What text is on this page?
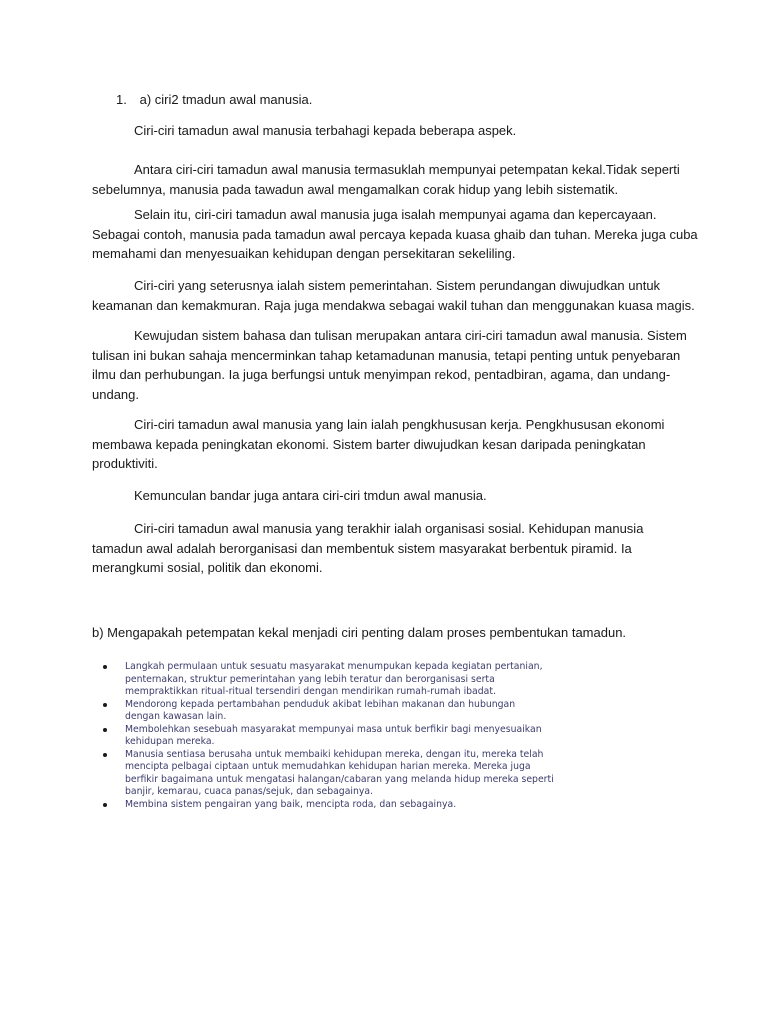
1. a) ciri2 tmadun awal manusia.

Ciri-ciri tamadun awal manusia terbahagi kepada beberapa aspek.

Antara ciri-ciri tamadun awal manusia termasuklah mempunyai petempatan kekal.Tidak seperti
sebelumnya, manusia pada tawadun awal mengamalkan corak hidup yang lebih sistematik.

Selain itu, ciri-ciri tamadun awal manusia juga isalah mempunyai agama dan kepercayaan.
Sebagai contoh, manusia pada tamadun awal percaya kepada kuasa ghaib dan tuhan. Mereka juga cuba
memahami dan menyesuaikan kehidupan dengan persekitaran sekeliling.

Ciri-ciri yang seterusnya ialah sistem pemerintahan. Sistem perundangan diwujudkan untuk
keamanan dan kemakmuran. Raja juga mendakwa sebagai wakil tuhan dan menggunakan kuasa magis.

Kewujudan sistem bahasa dan tulisan merupakan antara ciri-ciri tamadun awal manusia. Sistem
tulisan ini bukan sahaja mencerminkan tahap ketamadunan manusia, tetapi penting untuk penyebaran
ilmu dan perhubungan. Ia juga berfungsi untuk menyimpan rekod, pentadbiran, agama, dan undang-
undang.

Ciri-ciri tamadun awal manusia yang lain ialah pengkhususan kerja. Pengkhususan ekonomi
membawa kepada peningkatan ekonomi. Sistem barter diwujudkan kesan daripada peningkatan
produktiviti.

Kemunculan bandar juga antara ciri-ciri tmdun awal manusia.

Ciri-ciri tamadun awal manusia yang terakhir ialah organisasi sosial. Kehidupan manusia
tamadun awal adalah berorganisasi dan membentuk sistem masyarakat berbentuk piramid. Ia
merangkumi sosial, politik dan ekonomi.

b) Mengapakah petempatan kekal menjadi ciri penting dalam proses pembentukan tamadun.
Langkah permulaan untuk sesuatu masyarakat menumpukan kepada kegiatan pertanian,
penternakan, struktur pemerintahan yang lebih teratur dan berorganisasi serta
mempraktikkan ritual-ritual tersendiri dengan mendirikan rumah-rumah ibadat.
Mendorong kepada pertambahan penduduk akibat lebihan makanan dan hubungan
dengan kawasan lain.
Membolehkan sesebuah masyarakat mempunyai masa untuk berfikir bagi menyesuaikan
kehidupan mereka.
Manusia sentiasa berusaha untuk membaiki kehidupan mereka, dengan itu, mereka telah
mencipta pelbagai ciptaan untuk memudahkan kehidupan harian mereka. Mereka juga
berfikir bagaimana untuk mengatasi halangan/cabaran yang melanda hidup mereka seperti
banjir, kemarau, cuaca panas/sejuk, dan sebagainya.
Membina sistem pengairan yang baik, mencipta roda, dan sebagainya.
